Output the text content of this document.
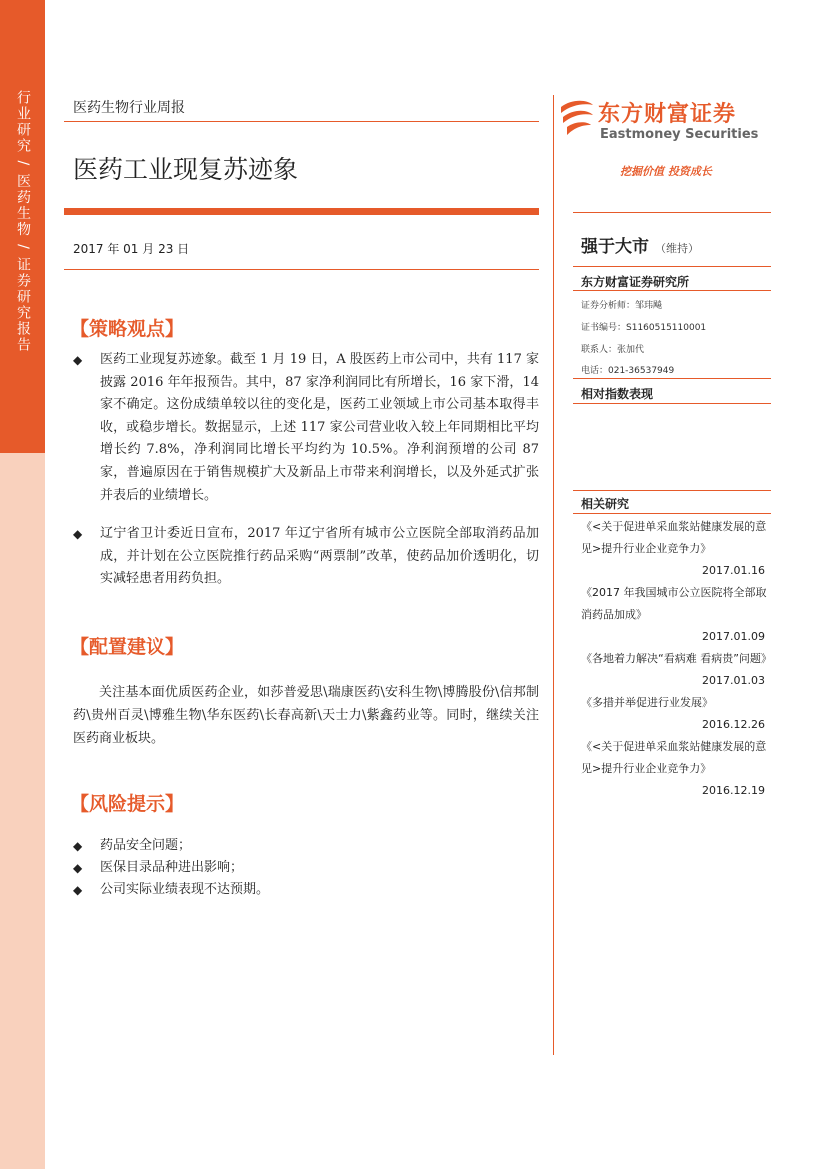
行业研究 / 医药生物 / 证券研究报告	医药生物行业周报
医药工业现复苏迹象
2017 年 01 月 23 日
【策略观点】
◆ 医药工业现复苏迹象。截至 1 月 19 日，A 股医药上市公司中，共有 117 家披露 2016 年年报预告。其中，87 家净利润同比有所增长，16 家下滑，14 家不确定。这份成绩单较以往的变化是，医药工业领域上市公司基本取得丰收，或稳步增长。数据显示，上述 117 家公司营业收入较上年同期相比平均增长约 7.8%，净利润同比增长平均约为 10.5%。净利润预增的公司 87 家，普遍原因在于销售规模扩大及新品上市带来利润增长，以及外延式扩张并表后的业绩增长。
◆ 辽宁省卫计委近日宣布，2017 年辽宁省所有城市公立医院全部取消药品加成，并计划在公立医院推行药品采购“两票制”改革，使药品加价透明化，切实减轻患者用药负担。
【配置建议】
关注基本面优质医药企业，如莎普爱思\瑞康医药\安科生物\博腾股份\信邦制药\贵州百灵\博雅生物\华东医药\长春高新\天士力\紫鑫药业等。同时，继续关注医药商业板块。
【风险提示】
◆ 药品安全问题；
◆ 医保目录品种进出影响；
◆ 公司实际业绩表现不达预期。
东方财富证券
Eastmoney Securities
挖掘价值 投资成长
强于大市 （维持）
东方财富证券研究所
证券分析师：邹玮飚
证书编号：S1160515110001
联系人：张加代
电话：021-36537949
相对指数表现
相关研究
《<关于促进单采血浆站健康发展的意见>提升行业企业竞争力》
2017.01.16
《2017 年我国城市公立医院将全部取消药品加成》
2017.01.09
《各地着力解决“看病难 看病贵”问题》
2017.01.03
《多措并举促进行业发展》
2016.12.26
《<关于促进单采血浆站健康发展的意见>提升行业企业竞争力》
2016.12.19
